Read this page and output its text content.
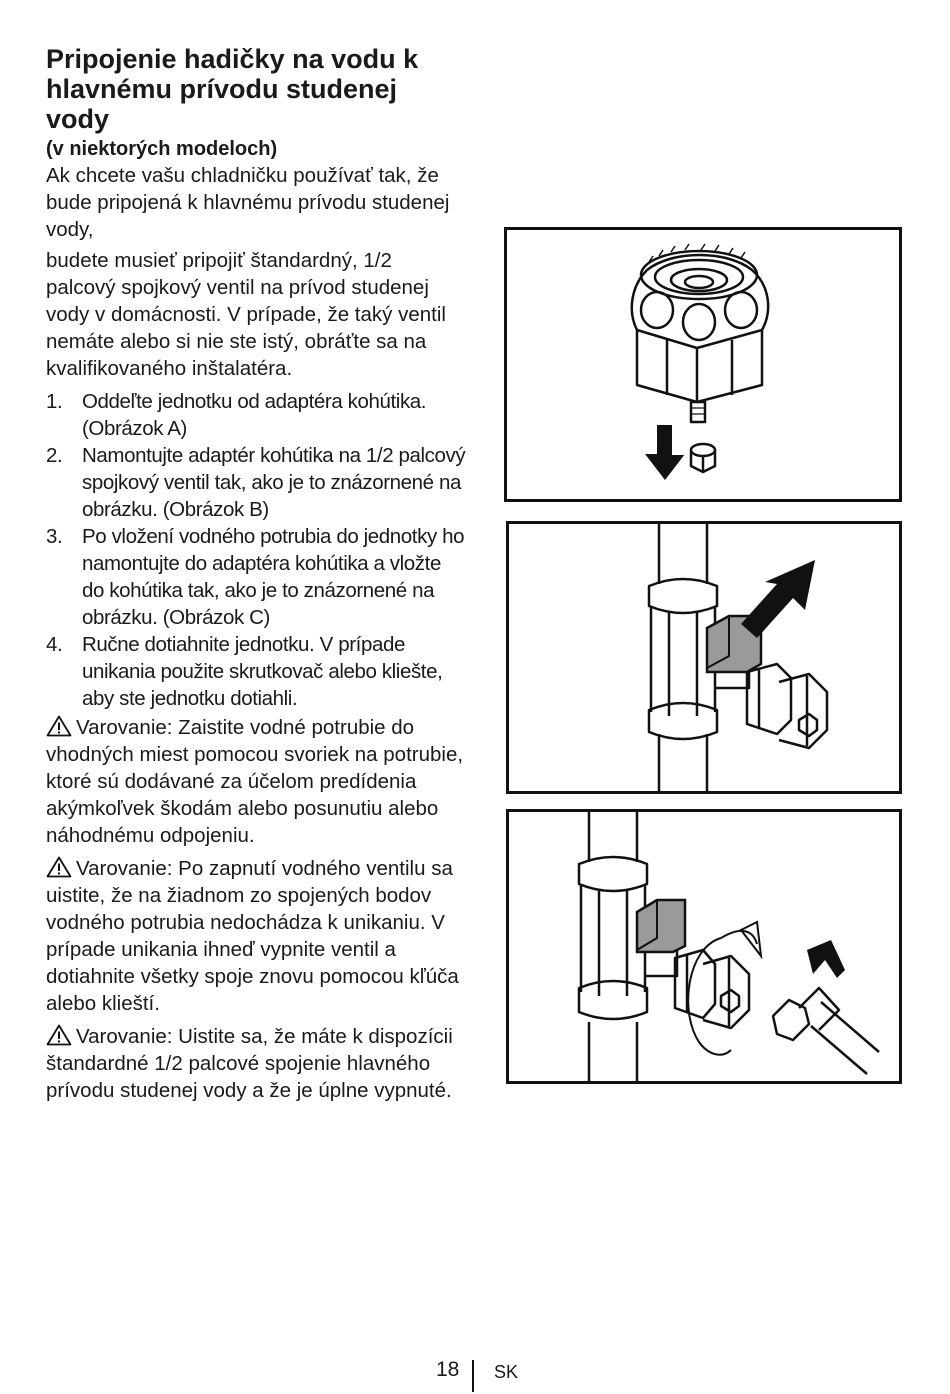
Pripojenie hadičky na vodu k hlavnému prívodu studenej vody
(v niektorých modeloch)
Ak chcete vašu chladničku používať tak, že bude pripojená k hlavnému prívodu studenej vody,
budete musieť pripojiť štandardný, 1/2 palcový spojkový ventil na prívod studenej vody v domácnosti. V prípade, že taký ventil nemáte alebo si nie ste istý, obráťte sa na kvalifikovaného inštalatéra.
1. Oddeľte jednotku od adaptéra kohútika. (Obrázok A)
2. Namontujte adaptér kohútika na 1/2 palcový spojkový ventil tak, ako je to znázornené na obrázku. (Obrázok B)
3. Po vložení vodného potrubia do jednotky ho namontujte do adaptéra kohútika a vložte do kohútika tak, ako je to znázornené na obrázku. (Obrázok C)
4. Ručne dotiahnite jednotku. V prípade unikania použite skrutkovač alebo kliešte, aby ste jednotku dotiahli.
Varovanie: Zaistite vodné potrubie do vhodných miest pomocou svoriek na potrubie, ktoré sú dodávané za účelom predídenia akýmkoľvek škodám alebo posunutiu alebo náhodnému odpojeniu.
Varovanie: Po zapnutí vodného ventilu sa uistite, že na žiadnom zo spojených bodov vodného potrubia nedochádza k unikaniu. V prípade unikania ihneď vypnite ventil a dotiahnite všetky spoje znovu pomocou kľúča alebo klieští.
Varovanie: Uistite sa, že máte k dispozícii štandardné 1/2 palcové spojenie hlavného prívodu studenej vody a že je úplne vypnuté.
18 SK
